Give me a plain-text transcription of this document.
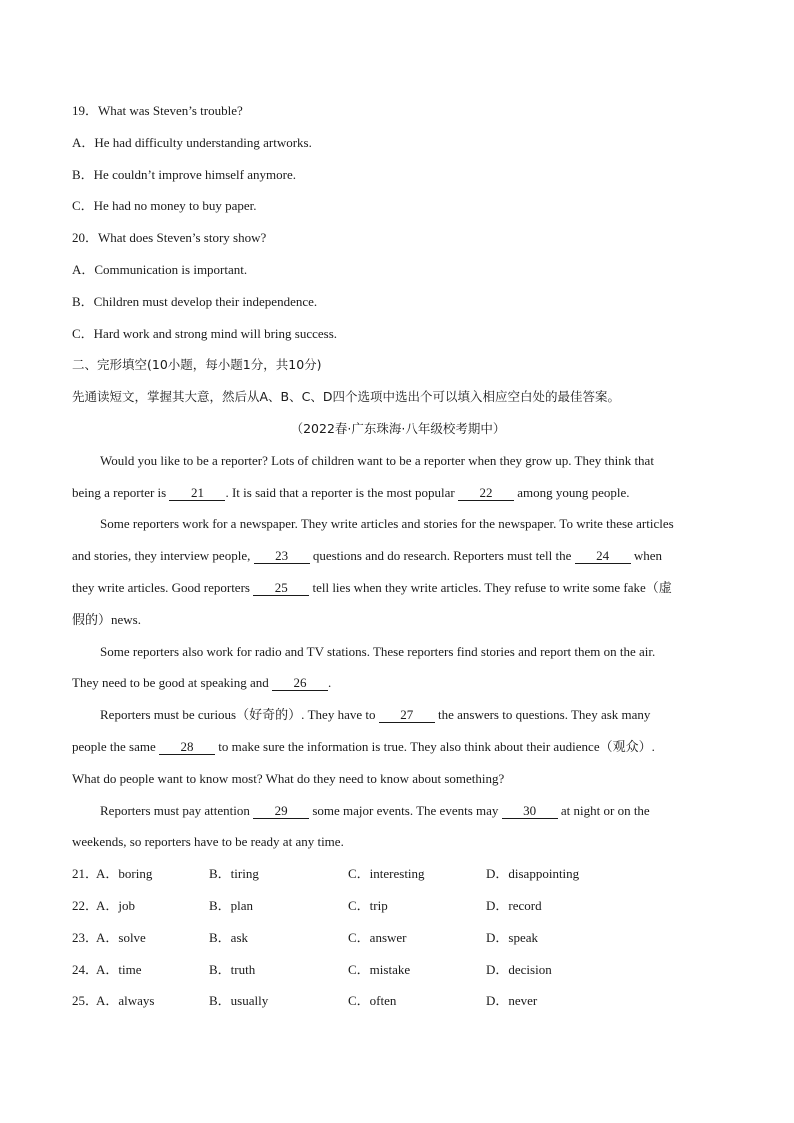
19．What was Steven’s trouble?
A．He had difficulty understanding artworks.
B．He couldn’t improve himself anymore.
C．He had no money to buy paper.
20．What does Steven’s story show?
A．Communication is important.
B．Children must develop their independence.
C．Hard work and strong mind will bring success.
二、完形填空(10小题，每小题1分，共10分)
先通读短文，掌握其大意，然后从A、B、C、D四个选项中选出个可以填入相应空白处的最佳答案。
（2022春·广东珠海·八年级校考期中）
Would you like to be a reporter? Lots of children want to be a reporter when they grow up. They think that
being a reporter is 21 . It is said that a reporter is the most popular 22 among young people.
Some reporters work for a newspaper. They write articles and stories for the newspaper. To write these articles
and stories, they interview people, 23 questions and do research. Reporters must tell the 24 when
they write articles. Good reporters 25 tell lies when they write articles. They refuse to write some fake（虚
假的）news.
Some reporters also work for radio and TV stations. These reporters find stories and report them on the air.
They need to be good at speaking and 26 .
Reporters must be curious（好奇的）. They have to 27 the answers to questions. They ask many
people the same 28 to make sure the information is true. They also think about their audience（观众）.
What do people want to know most? What do they need to know about something?
Reporters must pay attention 29 some major events. The events may 30 at night or on the
weekends, so reporters have to be ready at any time.
21．
A．boring	B．tiring	C．interesting	D．disappointing
22．
A．job	B．plan	C．trip	D．record
23．
A．solve	B．ask	C．answer	D．speak
24．
A．time	B．truth	C．mistake	D．decision
25．
A．always	B．usually	C．often	D．never
